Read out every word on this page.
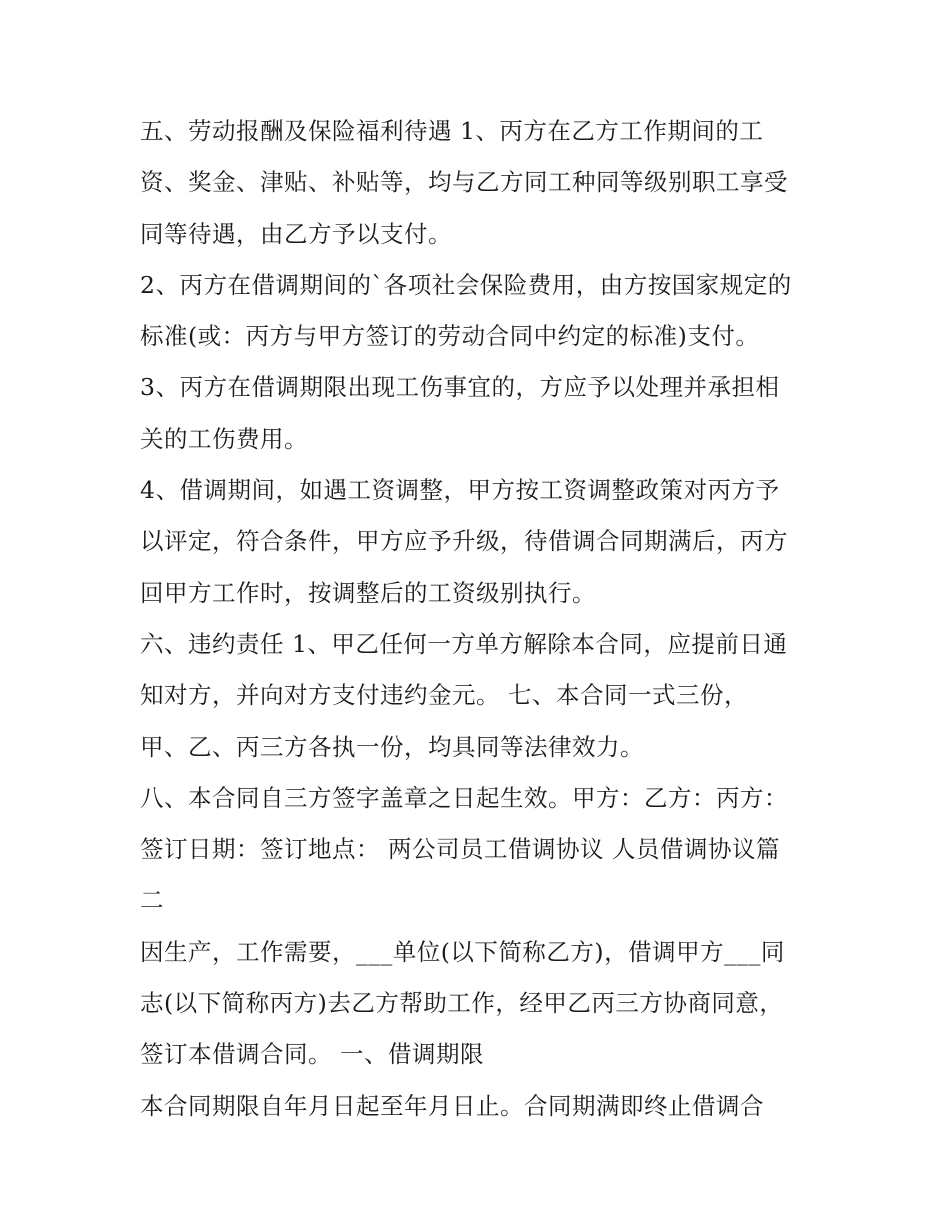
五、劳动报酬及保险福利待遇 1、丙方在乙方工作期间的工
资、奖金、津贴、补贴等，均与乙方同工种同等级别职工享受
同等待遇，由乙方予以支付。
2、丙方在借调期间的`各项社会保险费用，由方按国家规定的
标准(或：丙方与甲方签订的劳动合同中约定的标准)支付。
3、丙方在借调期限出现工伤事宜的，方应予以处理并承担相
关的工伤费用。
4、借调期间，如遇工资调整，甲方按工资调整政策对丙方予
以评定，符合条件，甲方应予升级，待借调合同期满后，丙方
回甲方工作时，按调整后的工资级别执行。
六、违约责任 1、甲乙任何一方单方解除本合同，应提前日通
知对方，并向对方支付违约金元。 七、本合同一式三份，
甲、乙、丙三方各执一份，均具同等法律效力。
八、本合同自三方签字盖章之日起生效。甲方：乙方：丙方：
签订日期：签订地点： 两公司员工借调协议 人员借调协议篇
二
因生产，工作需要，___单位(以下简称乙方)，借调甲方___同
志(以下简称丙方)去乙方帮助工作，经甲乙丙三方协商同意，
签订本借调合同。 一、借调期限
本合同期限自年月日起至年月日止。合同期满即终止借调合
